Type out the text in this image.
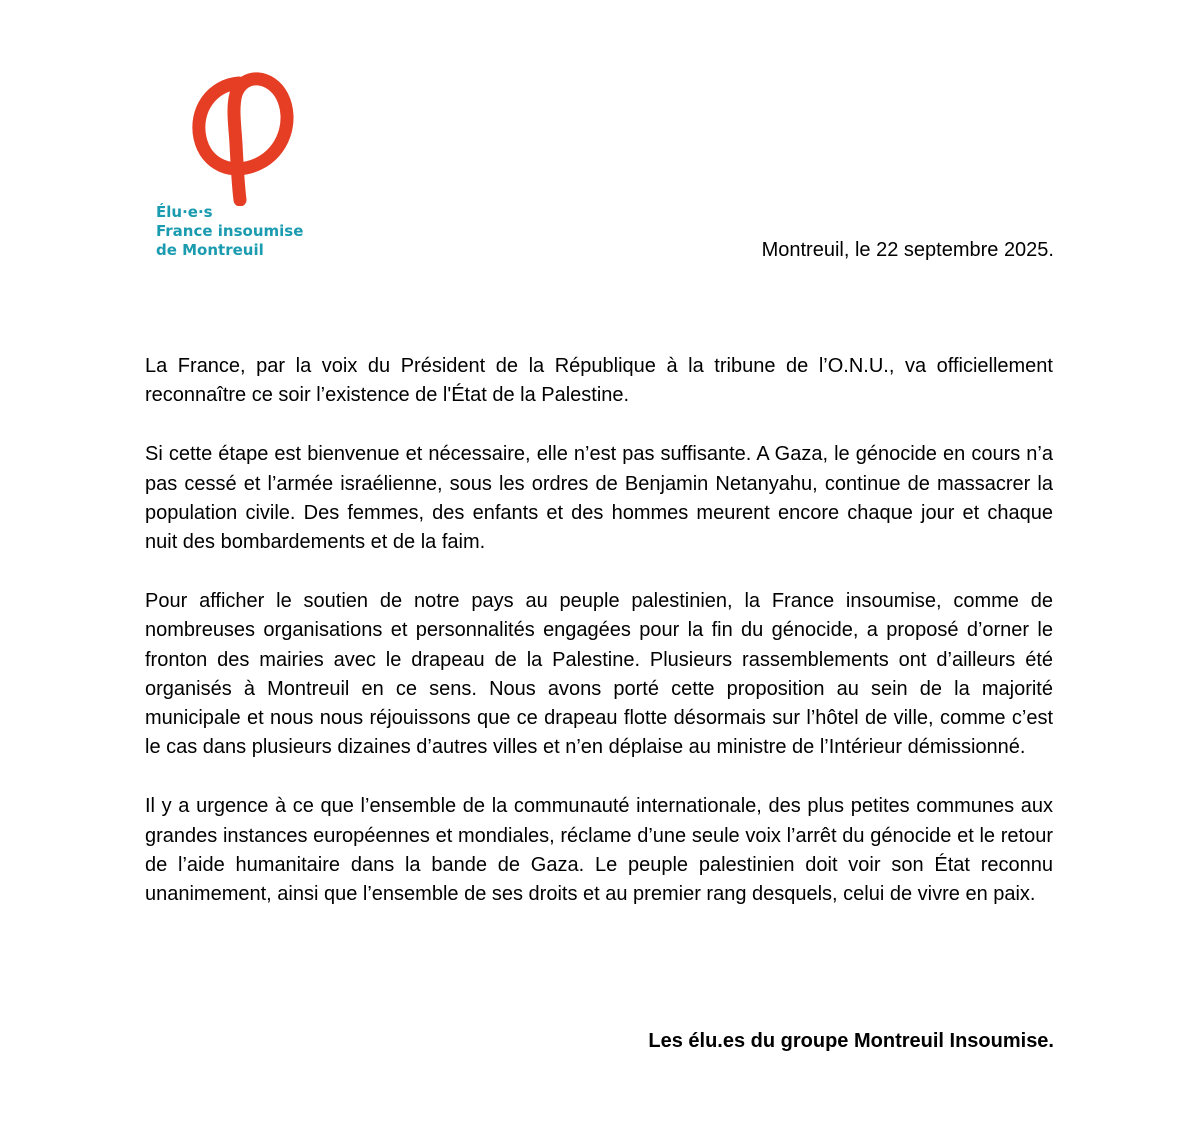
Élu·e·s
France insoumise
de Montreuil	Montreuil, le 22 septembre 2025.

La France, par la voix du Président de la République à la tribune de l’O.N.U., va officiellement reconnaître ce soir l’existence de l'État de la Palestine.

Si cette étape est bienvenue et nécessaire, elle n’est pas suffisante. A Gaza, le génocide en cours n’a pas cessé et l’armée israélienne, sous les ordres de Benjamin Netanyahu, continue de massacrer la population civile. Des femmes, des enfants et des hommes meurent encore chaque jour et chaque nuit des bombardements et de la faim.

Pour afficher le soutien de notre pays au peuple palestinien, la France insoumise, comme de nombreuses organisations et personnalités engagées pour la fin du génocide, a proposé d’orner le fronton des mairies avec le drapeau de la Palestine. Plusieurs rassemblements ont d’ailleurs été organisés à Montreuil en ce sens. Nous avons porté cette proposition au sein de la majorité municipale et nous nous réjouissons que ce drapeau flotte désormais sur l’hôtel de ville, comme c’est le cas dans plusieurs dizaines d’autres villes et n’en déplaise au ministre de l’Intérieur démissionné.

Il y a urgence à ce que l’ensemble de la communauté internationale, des plus petites communes aux grandes instances européennes et mondiales, réclame d’une seule voix l’arrêt du génocide et le retour de l’aide humanitaire dans la bande de Gaza. Le peuple palestinien doit voir son État reconnu unanimement, ainsi que l’ensemble de ses droits et au premier rang desquels, celui de vivre en paix.

Les élu.es du groupe Montreuil Insoumise.
